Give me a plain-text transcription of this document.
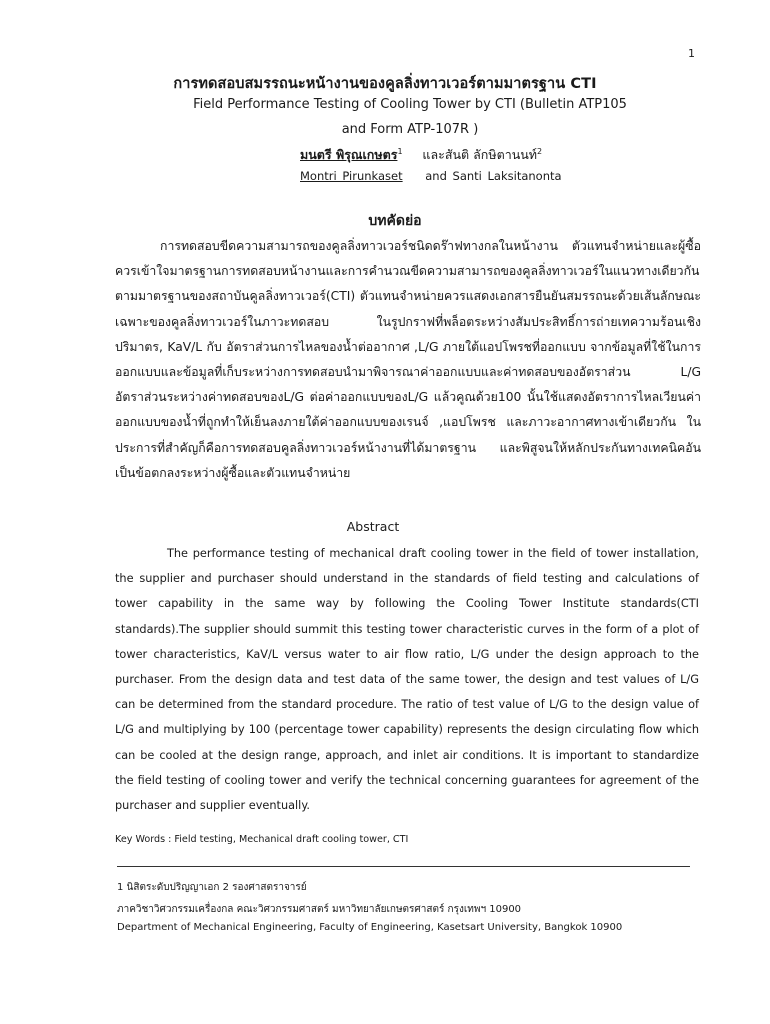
1
การทดสอบสมรรถนะหน้างานของคูลลิ่งทาวเวอร์ตามมาตรฐาน CTI
Field Performance Testing of Cooling Tower by CTI (Bulletin ATP105
and Form ATP-107R )
มนตรี พิรุณเกษตร$^1$ และสันติ ลักษิตานนท์$^2$
Montri Pirunkaset and Santi Laksitanonta
บทคัดย่อ

การทดสอบขีดความสามารถของคูลลิ่งทาวเวอร์ชนิดดร๊าฟทางกลในหน้างาน ตัวแทนจำหน่ายและผู้ซื้อควรเข้าใจมาตรฐานการทดสอบหน้างานและการคำนวณขีดความสามารถของคูลลิ่งทาวเวอร์ในแนวทางเดียวกันตามมาตรฐานของสถาบันคูลลิ่งทาวเวอร์(CTI) ตัวแทนจำหน่ายควรแสดงเอกสารยืนยันสมรรถนะด้วยเส้นลักษณะเฉพาะของคูลลิ่งทาวเวอร์ในภาวะทดสอบ ในรูปกราฟที่พล็อตระหว่างสัมประสิทธิ์การถ่ายเทความร้อนเชิงปริมาตร, KaV/L กับ อัตราส่วนการไหลของน้ำต่ออากาศ ,L/G ภายใต้แอปโพรชที่ออกแบบ จากข้อมูลที่ใช้ในการออกแบบและข้อมูลที่เก็บระหว่างการทดสอบนำมาพิจารณาค่าออกแบบและค่าทดสอบของอัตราส่วน L/G อัตราส่วนระหว่างค่าทดสอบของL/G ต่อค่าออกแบบของL/G แล้วคูณด้วย100 นั้นใช้แสดงอัตราการไหลเวียนค่าออกแบบของน้ำที่ถูกทำให้เย็นลงภายใต้ค่าออกแบบของเรนจ์ ,แอปโพรช และภาวะอากาศทางเข้าเดียวกัน ในประการที่สำคัญก็คือการทดสอบคูลลิ่งทาวเวอร์หน้างานที่ได้มาตรฐาน และพิสูจนให้หลักประกันทางเทคนิคอันเป็นข้อตกลงระหว่างผู้ซื้อและตัวแทนจำหน่าย

Abstract

The performance testing of mechanical draft cooling tower in the field of tower installation, the supplier and purchaser should understand in the standards of field testing and calculations of tower capability in the same way by following the Cooling Tower Institute standards(CTI standards).The supplier should summit this testing tower characteristic curves in the form of a plot of tower characteristics, KaV/L versus water to air flow ratio, L/G under the design approach to the purchaser. From the design data and test data of the same tower, the design and test values of L/G can be determined from the standard procedure. The ratio of test value of L/G to the design value of L/G and multiplying by 100 (percentage tower capability) represents the design circulating flow which can be cooled at the design range, approach, and inlet air conditions. It is important to standardize the field testing of cooling tower and verify the technical concerning guarantees for agreement of the purchaser and supplier eventually.

Key Words : Field testing, Mechanical draft cooling tower, CTI
1 นิสิตระดับปริญญาเอก 2 รองศาสตราจารย์
ภาควิชาวิศวกรรมเครื่องกล คณะวิศวกรรมศาสตร์ มหาวิทยาลัยเกษตรศาสตร์ กรุงเทพฯ 10900
Department of Mechanical Engineering, Faculty of Engineering, Kasetsart University, Bangkok 10900
